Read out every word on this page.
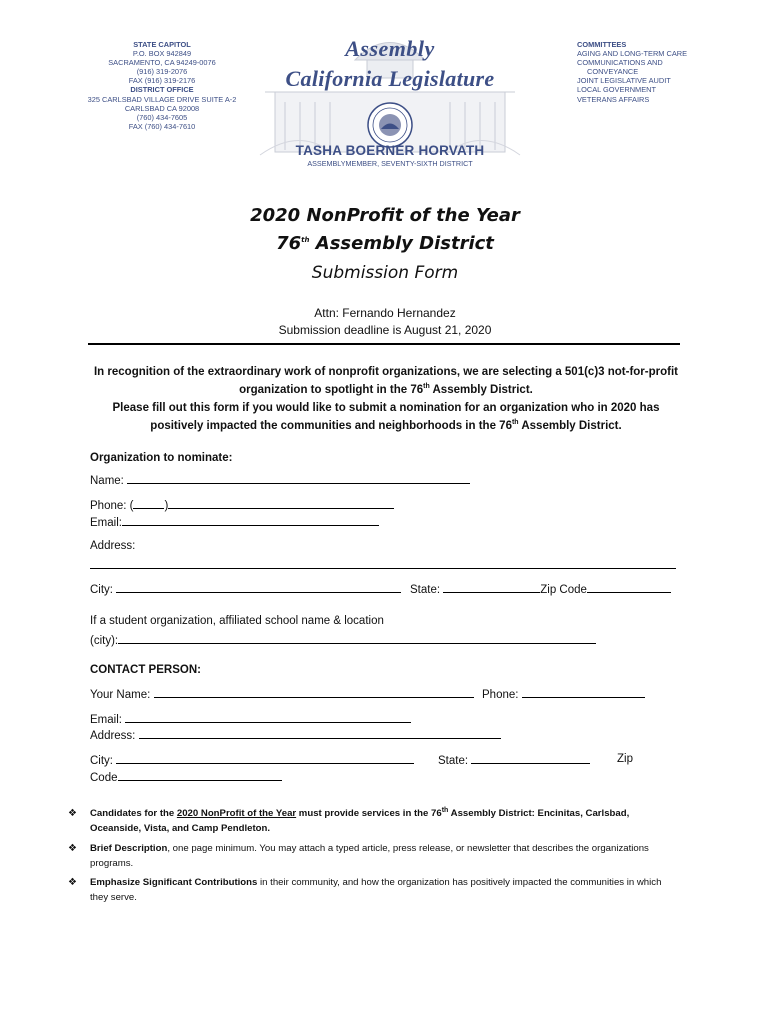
STATE CAPITOL
P.O. BOX 942849
SACRAMENTO, CA 94249-0076
(916) 319-2076
FAX (916) 319-2176
DISTRICT OFFICE
325 CARLSBAD VILLAGE DRIVE SUITE A-2
CARLSBAD CA 92008
(760) 434-7605
FAX (760) 434-7610
COMMITTEES
AGING AND LONG-TERM CARE
COMMUNICATIONS AND
CONVEYANCE
JOINT LEGISLATIVE AUDIT
LOCAL GOVERNMENT
VETERANS AFFAIRS
Assembly
California Legislature
TASHA BOERNER HORVATH
ASSEMBLYMEMBER, SEVENTY-SIXTH DISTRICT
2020 NonProfit of the Year
76th Assembly District
Submission Form
Attn: Fernando Hernandez
Submission deadline is August 21, 2020
In recognition of the extraordinary work of nonprofit organizations, we are selecting a 501(c)3 not-for-profit organization to spotlight in the 76th Assembly District.
Please fill out this form if you would like to submit a nomination for an organization who in 2020 has positively impacted the communities and neighborhoods in the 76th Assembly District.
Organization to nominate:
Name:
Phone: (	)
Email:
Address:
City:	State:	Zip Code
If a student organization, affiliated school name & location
(city):
CONTACT PERSON:
Your Name:	Phone:
Email:
Address:
City:	State:	Zip
Code
❖ Candidates for the 2020 NonProfit of the Year must provide services in the 76th Assembly District: Encinitas, Carlsbad, Oceanside, Vista, and Camp Pendleton.
❖ Brief Description, one page minimum. You may attach a typed article, press release, or newsletter that describes the organizations programs.
❖ Emphasize Significant Contributions in their community, and how the organization has positively impacted the communities in which they serve.
